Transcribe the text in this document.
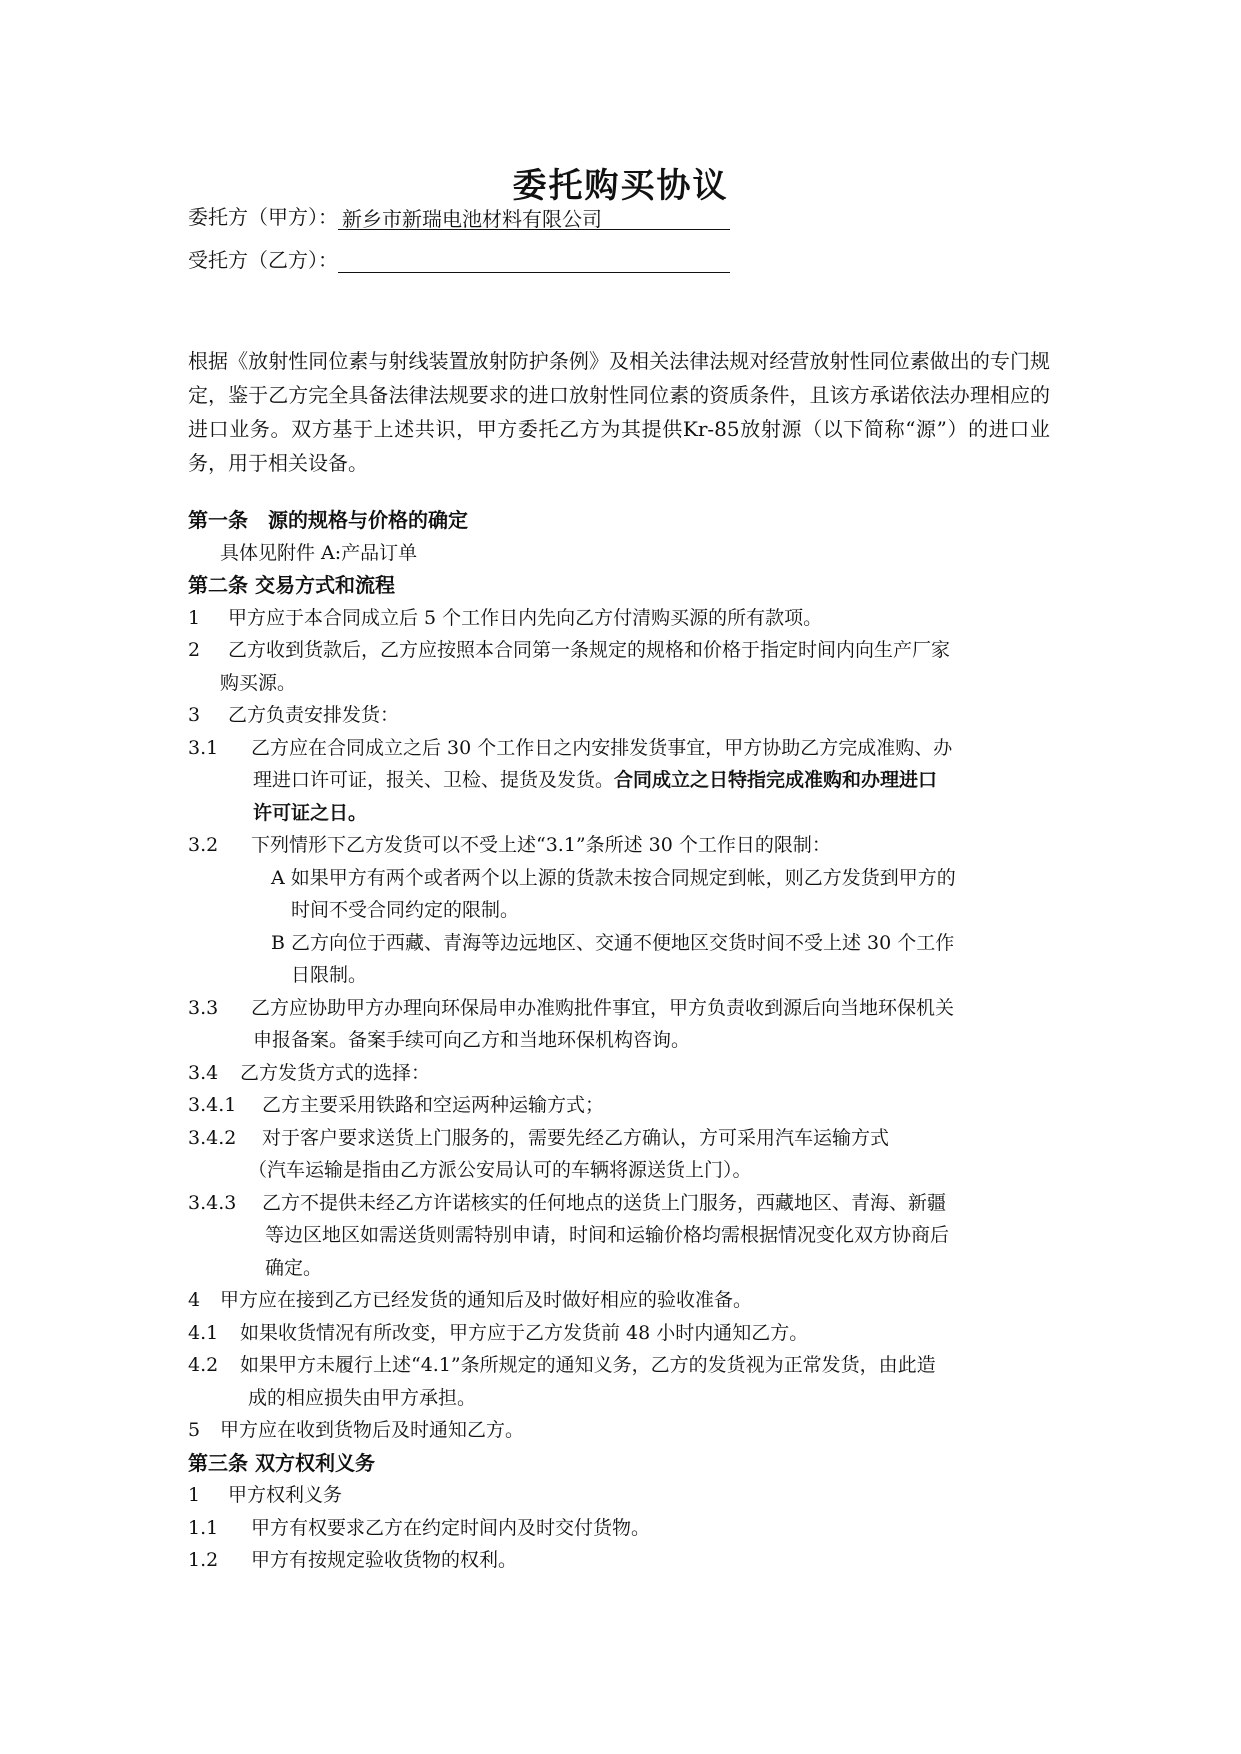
委托购买协议
委托方（甲方）： 新乡市新瑞电池材料有限公司
受托方（乙方）：

根据《放射性同位素与射线装置放射防护条例》及相关法律法规对经营放射性同位素做出的专门规定，鉴于乙方完全具备法律法规要求的进口放射性同位素的资质条件，且该方承诺依法办理相应的进口业务。双方基于上述共识，甲方委托乙方为其提供Kr-85放射源（以下简称“源”）的进口业务，用于相关设备。

第一条　源的规格与价格的确定
具体见附件 A:产品订单
第二条 交易方式和流程
1 甲方应于本合同成立后 5 个工作日内先向乙方付清购买源的所有款项。
2 乙方收到货款后，乙方应按照本合同第一条规定的规格和价格于指定时间内向生产厂家
购买源。
3 乙方负责安排发货：
3.1 乙方应在合同成立之后 30 个工作日之内安排发货事宜，甲方协助乙方完成准购、办
理进口许可证，报关、卫检、提货及发货。合同成立之日特指完成准购和办理进口
许可证之日。
3.2 下列情形下乙方发货可以不受上述“3.1”条所述 30 个工作日的限制：
A 如果甲方有两个或者两个以上源的货款未按合同规定到帐，则乙方发货到甲方的
时间不受合同约定的限制。
B 乙方向位于西藏、青海等边远地区、交通不便地区交货时间不受上述 30 个工作
日限制。
3.3 乙方应协助甲方办理向环保局申办准购批件事宜，甲方负责收到源后向当地环保机关
申报备案。备案手续可向乙方和当地环保机构咨询。
3.4 乙方发货方式的选择：
3.4.1 乙方主要采用铁路和空运两种运输方式；
3.4.2 对于客户要求送货上门服务的，需要先经乙方确认，方可采用汽车运输方式
（汽车运输是指由乙方派公安局认可的车辆将源送货上门）。
3.4.3 乙方不提供未经乙方许诺核实的任何地点的送货上门服务，西藏地区、青海、新疆
等边区地区如需送货则需特别申请，时间和运输价格均需根据情况变化双方协商后
确定。
4 甲方应在接到乙方已经发货的通知后及时做好相应的验收准备。
4.1 如果收货情况有所改变，甲方应于乙方发货前 48 小时内通知乙方。
4.2 如果甲方未履行上述“4.1”条所规定的通知义务，乙方的发货视为正常发货，由此造
成的相应损失由甲方承担。
5 甲方应在收到货物后及时通知乙方。
第三条 双方权利义务
1 甲方权利义务
1.1 甲方有权要求乙方在约定时间内及时交付货物。
1.2 甲方有按规定验收货物的权利。
